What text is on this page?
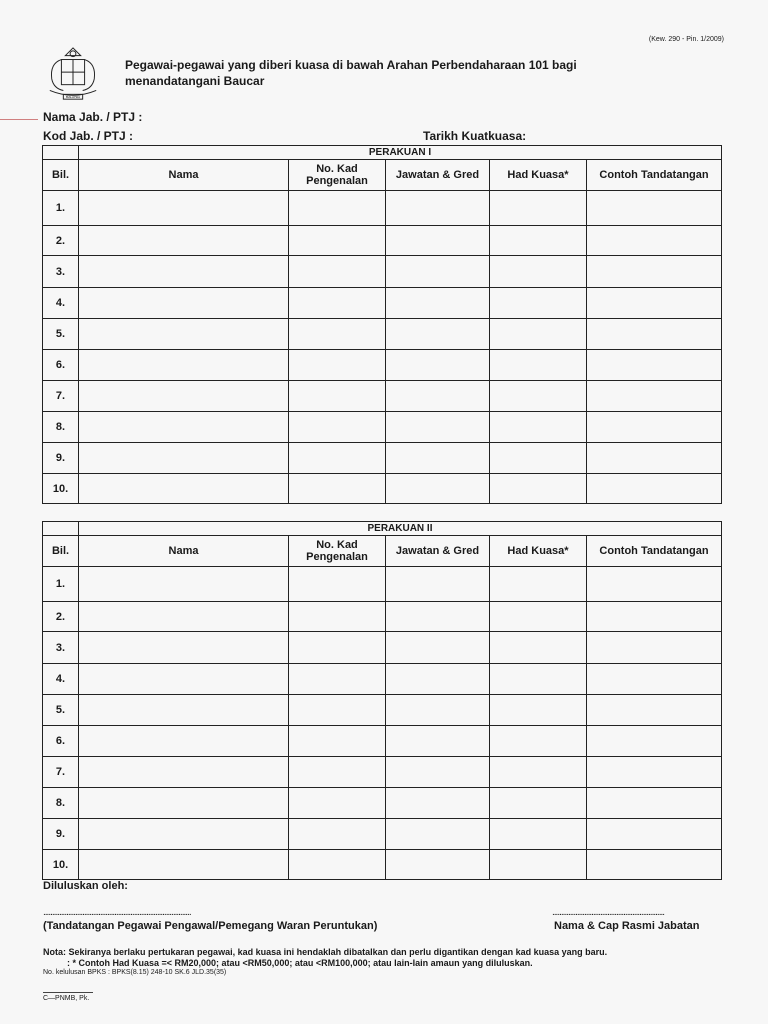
(Kew. 290 - Pin. 1/2009)
MALAYSIA
Pegawai-pegawai yang diberi kuasa di bawah Arahan Perbendaharaan 101 bagi
menandatangani Baucar
Nama Jab. / PTJ :
Kod Jab. / PTJ :	Tarikh Kuatkuasa:
	PERAKUAN I				
Bil.	Nama	No. Kad
Pengenalan	Jawatan & Gred	Had Kuasa*	Contoh Tandatangan
1.					
2.					
3.					
4.					
5.					
6.					
7.					
8.					
9.					
10.					
	PERAKUAN II				
Bil.	Nama	No. Kad
Pengenalan	Jawatan & Gred	Had Kuasa*	Contoh Tandatangan
1.					
2.					
3.					
4.					
5.					
6.					
7.					
8.					
9.					
10.					
Diluluskan oleh:
...................................................................................	...............................................................
(Tandatangan Pegawai Pengawal/Pemegang Waran Peruntukan)	Nama & Cap Rasmi Jabatan
Nota: Sekiranya berlaku pertukaran pegawai, kad kuasa ini hendaklah dibatalkan dan perlu digantikan dengan kad kuasa yang baru.
: * Contoh Had Kuasa =< RM20,000; atau <RM50,000; atau <RM100,000; atau lain-lain amaun yang diluluskan.
No. kelulusan BPKS : BPKS(8.15) 248-10 SK.6 JLD.35(35)
C—PNMB, Pk.
